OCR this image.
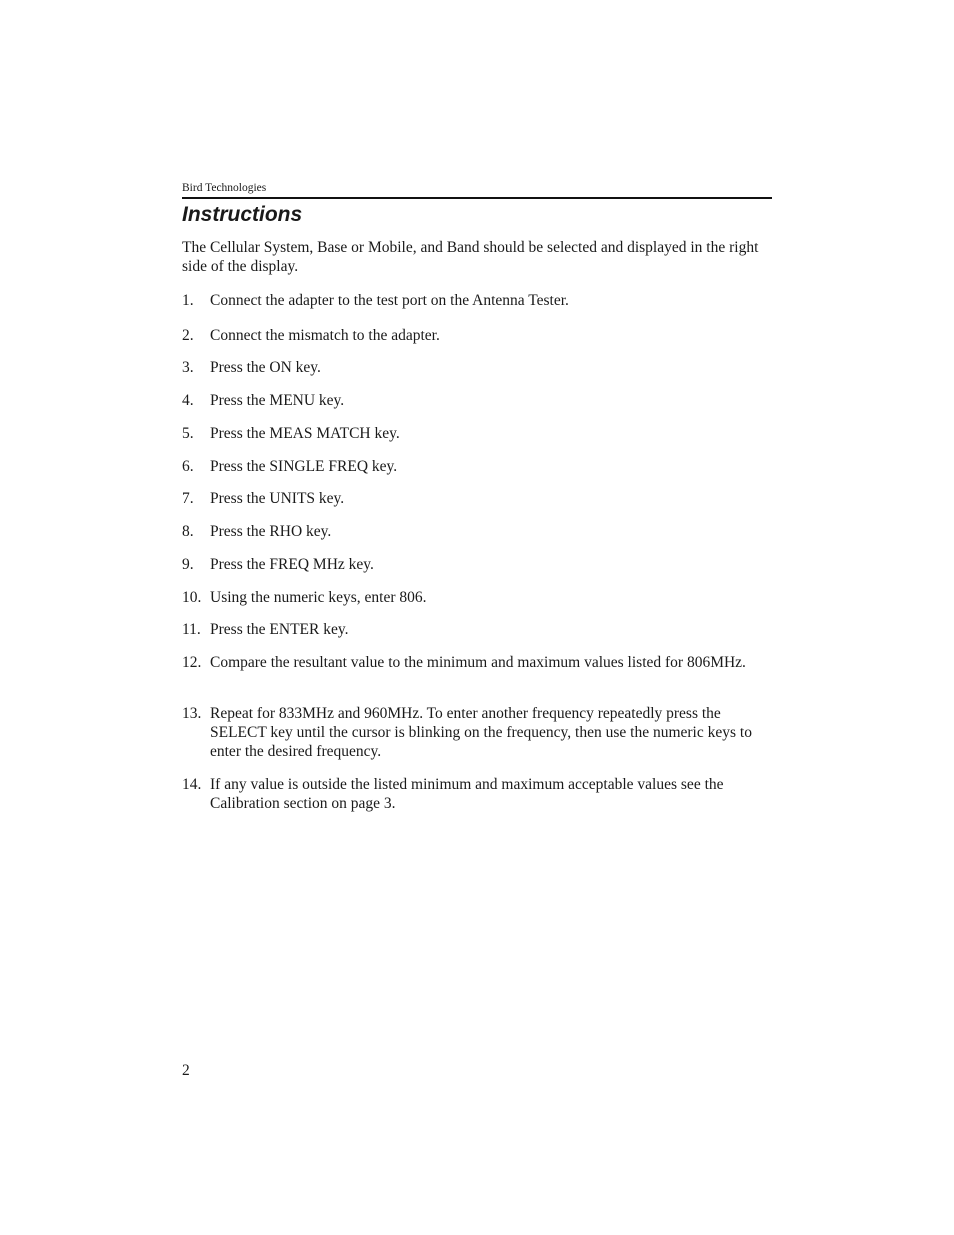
Bird Technologies
Instructions

The Cellular System, Base or Mobile, and Band should be selected and displayed in the right side of the display.

1. Connect the adapter to the test port on the Antenna Tester.
2. Connect the mismatch to the adapter.
3. Press the ON key.
4. Press the MENU key.
5. Press the MEAS MATCH key.
6. Press the SINGLE FREQ key.
7. Press the UNITS key.
8. Press the RHO key.
9. Press the FREQ MHz key.
10. Using the numeric keys, enter 806.
11. Press the ENTER key.
12. Compare the resultant value to the minimum and maximum values listed for 806MHz.
13. Repeat for 833MHz and 960MHz. To enter another frequency repeatedly press the SELECT key until the cursor is blinking on the frequency, then use the numeric keys to enter the desired frequency.
14. If any value is outside the listed minimum and maximum acceptable values see the Calibration section on page 3.
2
